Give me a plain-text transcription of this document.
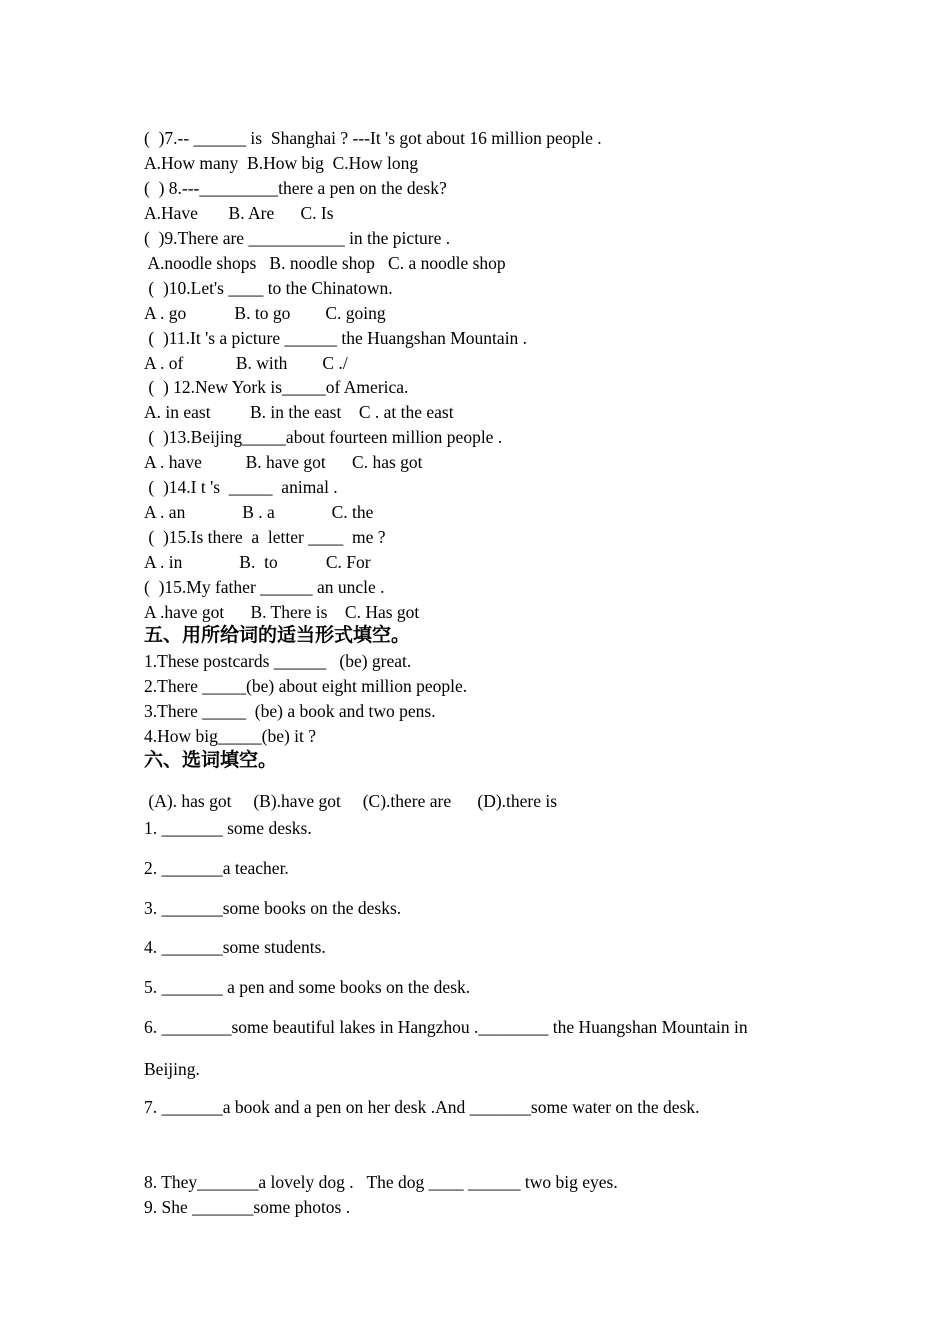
(  )7.-- ______ is  Shanghai ? ---It 's got about 16 million people .
A.How many  B.How big  C.How long
(  ) 8.---_________there a pen on the desk?
A.Have       B. Are      C. Is
(  )9.There are ___________ in the picture .
A.noodle shops   B. noodle shop   C. a noodle shop
(  )10.Let's ____ to the Chinatown.
A . go           B. to go        C. going
(  )11.It 's a picture ______ the Huangshan Mountain .
A . of            B. with        C ./
(  ) 12.New York is_____of America.
A. in east         B. in the east    C . at the east
(  )13.Beijing_____about fourteen million people .
A . have          B. have got      C. has got
(  )14.I t 's  _____  animal .
A . an             B . a             C. the
(  )15.Is there  a  letter ____  me ?
A . in             B.  to           C. For
(  )15.My father ______ an uncle .
A .have got      B. There is    C. Has got
五、用所给词的适当形式填空。
1.These postcards ______   (be) great.
2.There _____(be) about eight million people.
3.There _____  (be) a book and two pens.
4.How big_____(be) it ?
六、选词填空。
(A). has got     (B).have got     (C).there are      (D).there is
1. _______ some desks.
2. _______a teacher.
3. _______some books on the desks.
4. _______some students.
5. _______ a pen and some books on the desk.
6. ________some beautiful lakes in Hangzhou .________ the Huangshan Mountain in
Beijing.
7. _______a book and a pen on her desk .And _______some water on the desk.
8. They_______a lovely dog .   The dog ____ ______ two big eyes.
9. She _______some photos .
